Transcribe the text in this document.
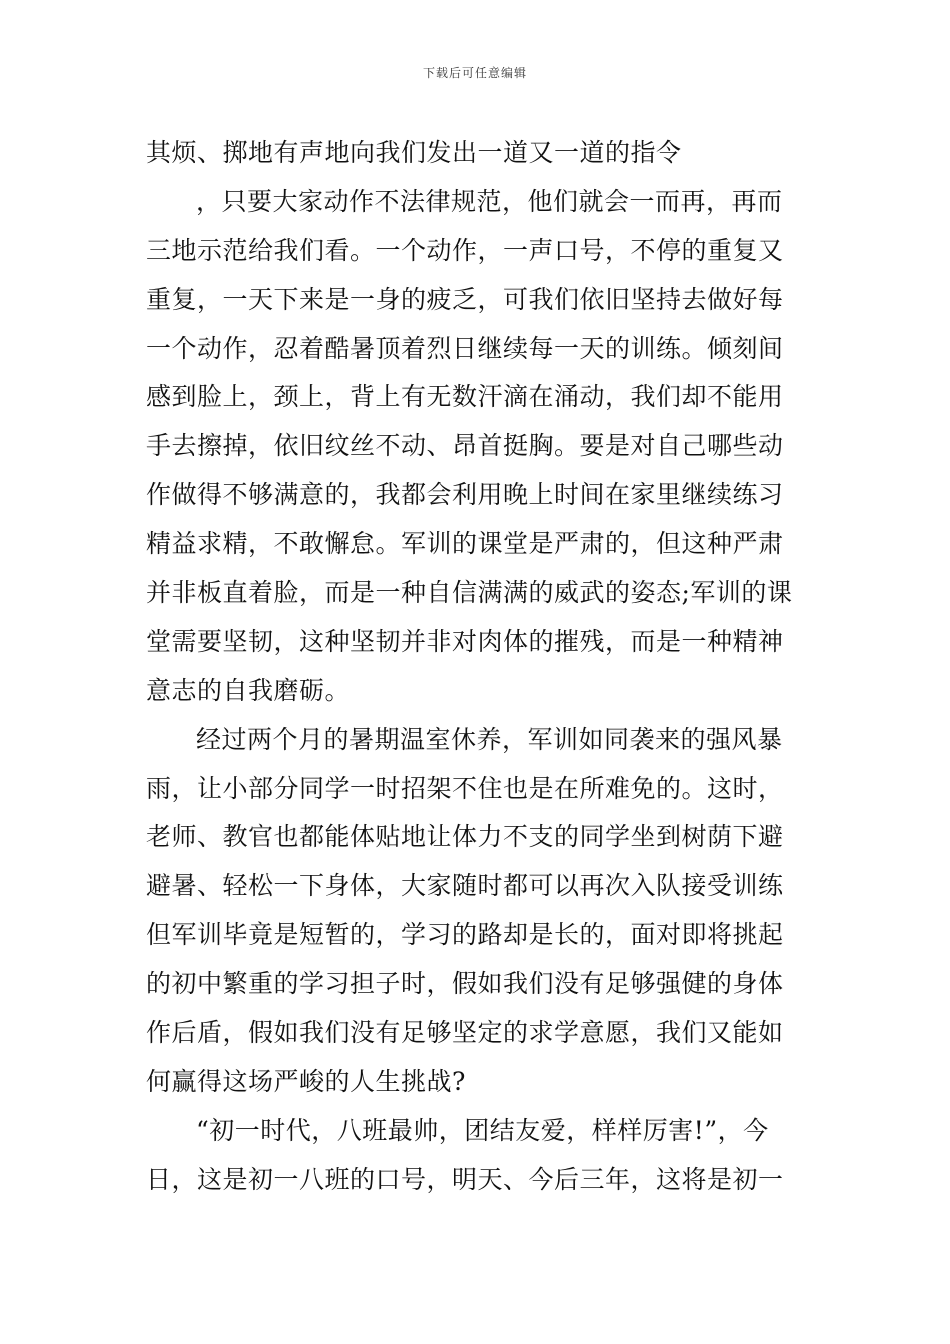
下载后可任意编辑
其烦、掷地有声地向我们发出一道又一道的指令
，只要大家动作不法律规范，他们就会一而再，再而
三地示范给我们看。一个动作，一声口号，不停的重复又
重复，一天下来是一身的疲乏，可我们依旧坚持去做好每
一个动作，忍着酷暑顶着烈日继续每一天的训练。倾刻间
感到脸上，颈上，背上有无数汗滴在涌动，我们却不能用
手去擦掉，依旧纹丝不动、昂首挺胸。要是对自己哪些动
作做得不够满意的，我都会利用晚上时间在家里继续练习
精益求精，不敢懈怠。军训的课堂是严肃的，但这种严肃
并非板直着脸，而是一种自信满满的威武的姿态;军训的课
堂需要坚韧，这种坚韧并非对肉体的摧残，而是一种精神
意志的自我磨砺。
经过两个月的暑期温室休养，军训如同袭来的强风暴
雨，让小部分同学一时招架不住也是在所难免的。这时，
老师、教官也都能体贴地让体力不支的同学坐到树荫下避
避暑、轻松一下身体，大家随时都可以再次入队接受训练
但军训毕竟是短暂的，学习的路却是长的，面对即将挑起
的初中繁重的学习担子时，假如我们没有足够强健的身体
作后盾，假如我们没有足够坚定的求学意愿，我们又能如
何赢得这场严峻的人生挑战?
“初一时代，八班最帅，团结友爱，样样厉害!”，今
日，这是初一八班的口号，明天、今后三年，这将是初一
